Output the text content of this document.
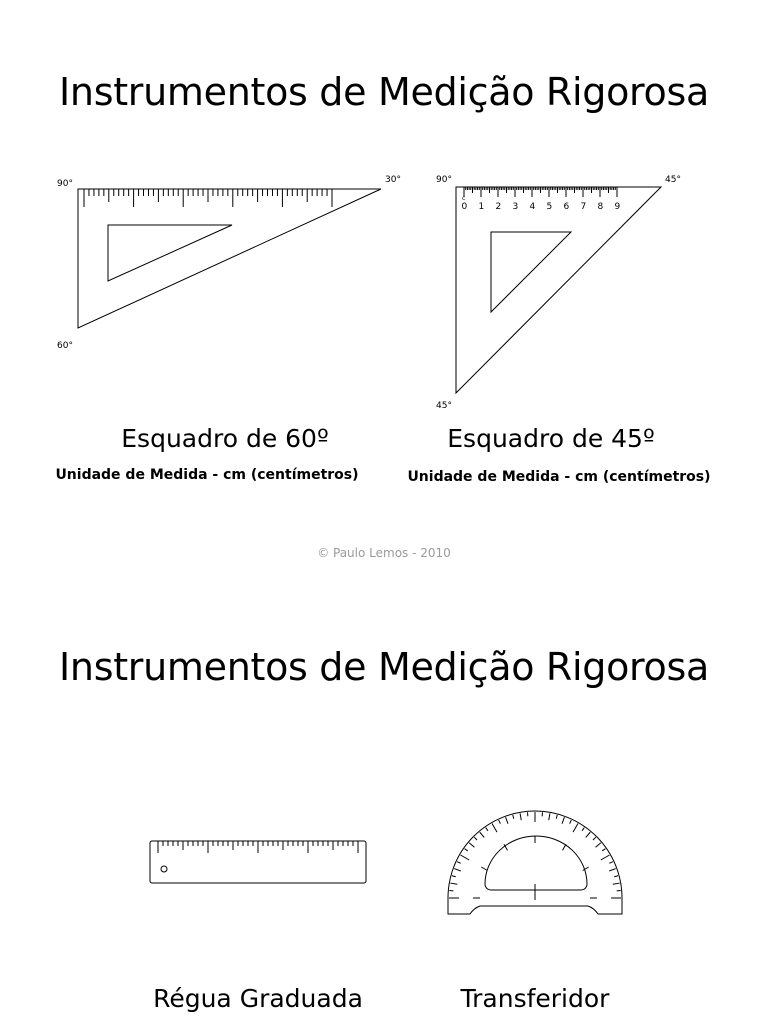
Instrumentos de Medição Rigorosa
90°	30°
60°
0 1 2 3 4 5 6 7 8 9
c
90°	45°
45°

Esquadro de 60º

Unidade de Medida - cm (centímetros)

Esquadro de 45º

Unidade de Medida - cm (centímetros)

© Paulo Lemos - 2010
Instrumentos de Medição Rigorosa

Régua Graduada	Transferidor
